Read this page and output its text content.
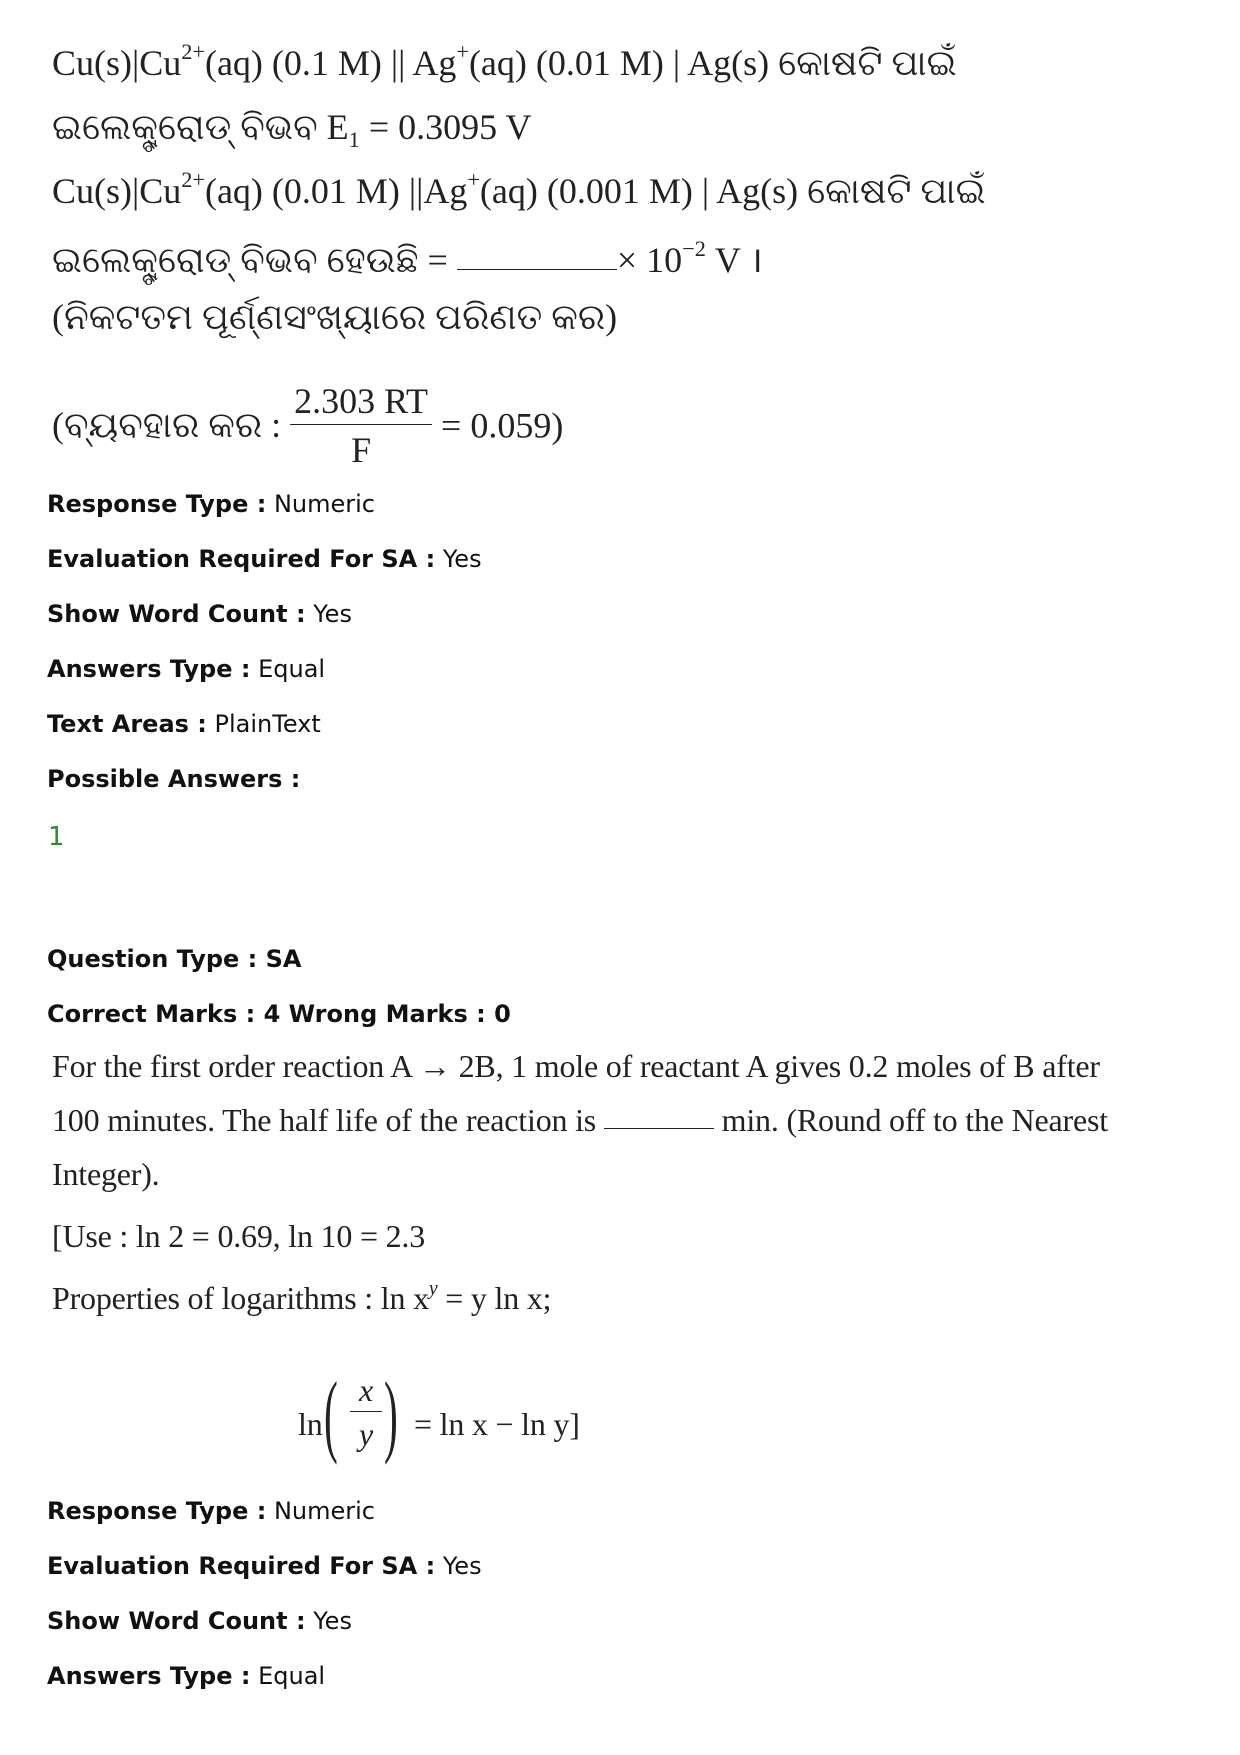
$Cu(s)|Cu^{2+}(aq)$ (0.1 M) || Ag+(aq) (0.01 M) | Ag(s) କୋଷଟି ପାଇଁ
ଇଲେକ୍ଟ୍ରୋଡ୍ ବିଭବ $E_1 = 0.3095$ V
$Cu(s)|Cu^{2+}(aq)$ (0.01 M) ||Ag+(aq) (0.001 M) | Ag(s) କୋଷଟି ପାଇଁ
ଇଲେକ୍ଟ୍ରୋଡ୍ ବିଭବ ହେଉଛି =	× $10^{-2}$ V ।
(ନିକଟତମ ପୂର୍ଣ୍ଣସଂଖ୍ୟାରେ ପରିଣତ କର)
(ବ୍ୟବହାର କର : $\frac{2.303 RT}{F} = 0.059$)
Response Type : Numeric
Evaluation Required For SA : Yes
Show Word Count : Yes
Answers Type : Equal
Text Areas : PlainText
Possible Answers :
1
Question Type : SA
Correct Marks : 4 Wrong Marks : 0
For the first order reaction A → 2B, 1 mole of reactant A gives 0.2 moles of B after
100 minutes. The half life of the reaction is	min. (Round off to the Nearest
Integer).
[Use : ln 2 = 0.69, ln 10 = 2.3
Properties of logarithms : $\ln x^y = y$ ln x;
ln ( $\frac{x}{y}$ ) = ln x − ln y]
Response Type : Numeric
Evaluation Required For SA : Yes
Show Word Count : Yes
Answers Type : Equal
